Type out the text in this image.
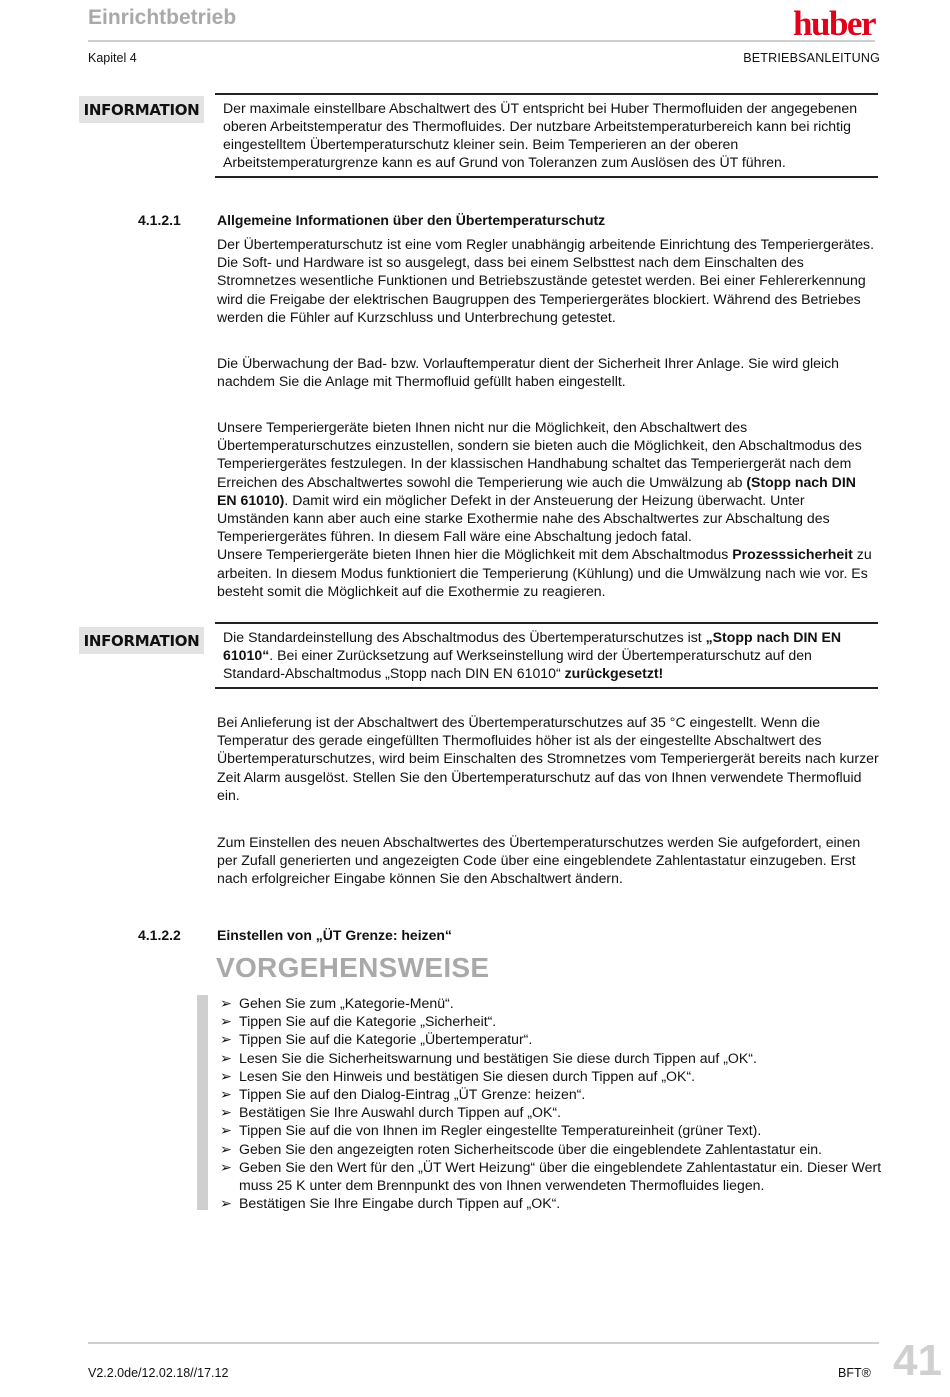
Einrichtbetrieb	huber
Kapitel 4	BETRIEBSANLEITUNG
INFORMATION	Der maximale einstellbare Abschaltwert des ÜT entspricht bei Huber Thermofluiden der angegebenen oberen Arbeitstemperatur des Thermofluides. Der nutzbare Arbeitstemperaturbereich kann bei richtig eingestelltem Übertemperaturschutz kleiner sein. Beim Temperieren an der oberen Arbeitstemperaturgrenze kann es auf Grund von Toleranzen zum Auslösen des ÜT führen.

4.1.2.1	Allgemeine Informationen über den Übertemperaturschutz

Der Übertemperaturschutz ist eine vom Regler unabhängig arbeitende Einrichtung des Temperiergerätes. Die Soft- und Hardware ist so ausgelegt, dass bei einem Selbsttest nach dem Einschalten des Stromnetzes wesentliche Funktionen und Betriebszustände getestet werden. Bei einer Fehlererkennung wird die Freigabe der elektrischen Baugruppen des Temperiergerätes blockiert. Während des Betriebes werden die Fühler auf Kurzschluss und Unterbrechung getestet.

Die Überwachung der Bad- bzw. Vorlauftemperatur dient der Sicherheit Ihrer Anlage. Sie wird gleich nachdem Sie die Anlage mit Thermofluid gefüllt haben eingestellt.

Unsere Temperiergeräte bieten Ihnen nicht nur die Möglichkeit, den Abschaltwert des Übertemperaturschutzes einzustellen, sondern sie bieten auch die Möglichkeit, den Abschaltmodus des Temperiergerätes festzulegen. In der klassischen Handhabung schaltet das Temperiergerät nach dem Erreichen des Abschaltwertes sowohl die Temperierung wie auch die Umwälzung ab (Stopp nach DIN EN 61010). Damit wird ein möglicher Defekt in der Ansteuerung der Heizung überwacht. Unter Umständen kann aber auch eine starke Exothermie nahe des Abschaltwertes zur Abschaltung des Temperiergerätes führen. In diesem Fall wäre eine Abschaltung jedoch fatal.

Unsere Temperiergeräte bieten Ihnen hier die Möglichkeit mit dem Abschaltmodus Prozesssicherheit zu arbeiten. In diesem Modus funktioniert die Temperierung (Kühlung) und die Umwälzung nach wie vor. Es besteht somit die Möglichkeit auf die Exothermie zu reagieren.

INFORMATION	Die Standardeinstellung des Abschaltmodus des Übertemperaturschutzes ist „Stopp nach DIN EN 61010“. Bei einer Zurücksetzung auf Werkseinstellung wird der Übertemperaturschutz auf den Standard-Abschaltmodus „Stopp nach DIN EN 61010“ zurückgesetzt!

Bei Anlieferung ist der Abschaltwert des Übertemperaturschutzes auf 35 °C eingestellt. Wenn die Temperatur des gerade eingefüllten Thermofluides höher ist als der eingestellte Abschaltwert des Übertemperaturschutzes, wird beim Einschalten des Stromnetzes vom Temperiergerät bereits nach kurzer Zeit Alarm ausgelöst. Stellen Sie den Übertemperaturschutz auf das von Ihnen verwendete Thermofluid ein.

Zum Einstellen des neuen Abschaltwertes des Übertemperaturschutzes werden Sie aufgefordert, einen per Zufall generierten und angezeigten Code über eine eingeblendete Zahlentastatur einzugeben. Erst nach erfolgreicher Eingabe können Sie den Abschaltwert ändern.

4.1.2.2	Einstellen von „ÜT Grenze: heizen“
VORGEHENSWEISE
➢ Gehen Sie zum „Kategorie-Menü“.
➢ Tippen Sie auf die Kategorie „Sicherheit“.
➢ Tippen Sie auf die Kategorie „Übertemperatur“.
➢ Lesen Sie die Sicherheitswarnung und bestätigen Sie diese durch Tippen auf „OK“.
➢ Lesen Sie den Hinweis und bestätigen Sie diesen durch Tippen auf „OK“.
➢ Tippen Sie auf den Dialog-Eintrag „ÜT Grenze: heizen“.
➢ Bestätigen Sie Ihre Auswahl durch Tippen auf „OK“.
➢ Tippen Sie auf die von Ihnen im Regler eingestellte Temperatureinheit (grüner Text).
➢ Geben Sie den angezeigten roten Sicherheitscode über die eingeblendete Zahlentastatur ein.
➢ Geben Sie den Wert für den „ÜT Wert Heizung“ über die eingeblendete Zahlentastatur ein. Dieser Wert muss 25 K unter dem Brennpunkt des von Ihnen verwendeten Thermofluides liegen.
➢ Bestätigen Sie Ihre Eingabe durch Tippen auf „OK“.
V2.2.0de/12.02.18//17.12	BFT® 41
